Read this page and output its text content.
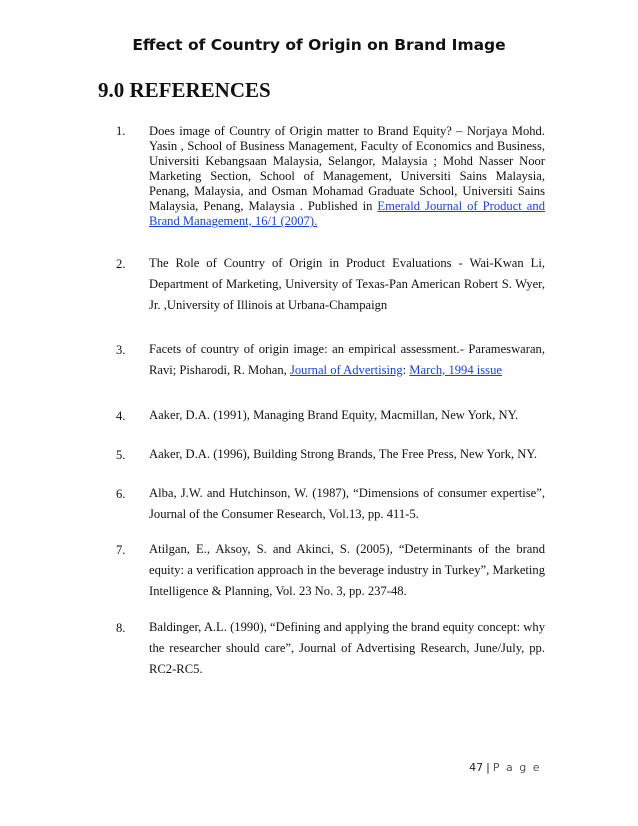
Effect of Country of Origin on Brand Image
9.0 REFERENCES
1. Does image of Country of Origin matter to Brand Equity? – Norjaya Mohd. Yasin , School of Business Management, Faculty of Economics and Business, Universiti Kebangsaan Malaysia, Selangor, Malaysia ; Mohd Nasser Noor Marketing Section, School of Management, Universiti Sains Malaysia, Penang, Malaysia, and Osman Mohamad Graduate School, Universiti Sains Malaysia, Penang, Malaysia . Published in Emerald Journal of Product and Brand Management, 16/1 (2007).
2. The Role of Country of Origin in Product Evaluations - Wai-Kwan Li, Department of Marketing, University of Texas-Pan American Robert S. Wyer, Jr. ,University of Illinois at Urbana-Champaign
3. Facets of country of origin image: an empirical assessment.- Parameswaran, Ravi; Pisharodi, R. Mohan, Journal of Advertising: March, 1994 issue
4. Aaker, D.A. (1991), Managing Brand Equity, Macmillan, New York, NY.
5. Aaker, D.A. (1996), Building Strong Brands, The Free Press, New York, NY.
6. Alba, J.W. and Hutchinson, W. (1987), “Dimensions of consumer expertise”, Journal of the Consumer Research, Vol.13, pp. 411-5.
7. Atilgan, E., Aksoy, S. and Akinci, S. (2005), “Determinants of the brand equity: a verification approach in the beverage industry in Turkey”, Marketing Intelligence & Planning, Vol. 23 No. 3, pp. 237-48.
8. Baldinger, A.L. (1990), “Defining and applying the brand equity concept: why the researcher should care”, Journal of Advertising Research, June/July, pp. RC2-RC5.
47 | P a g e
